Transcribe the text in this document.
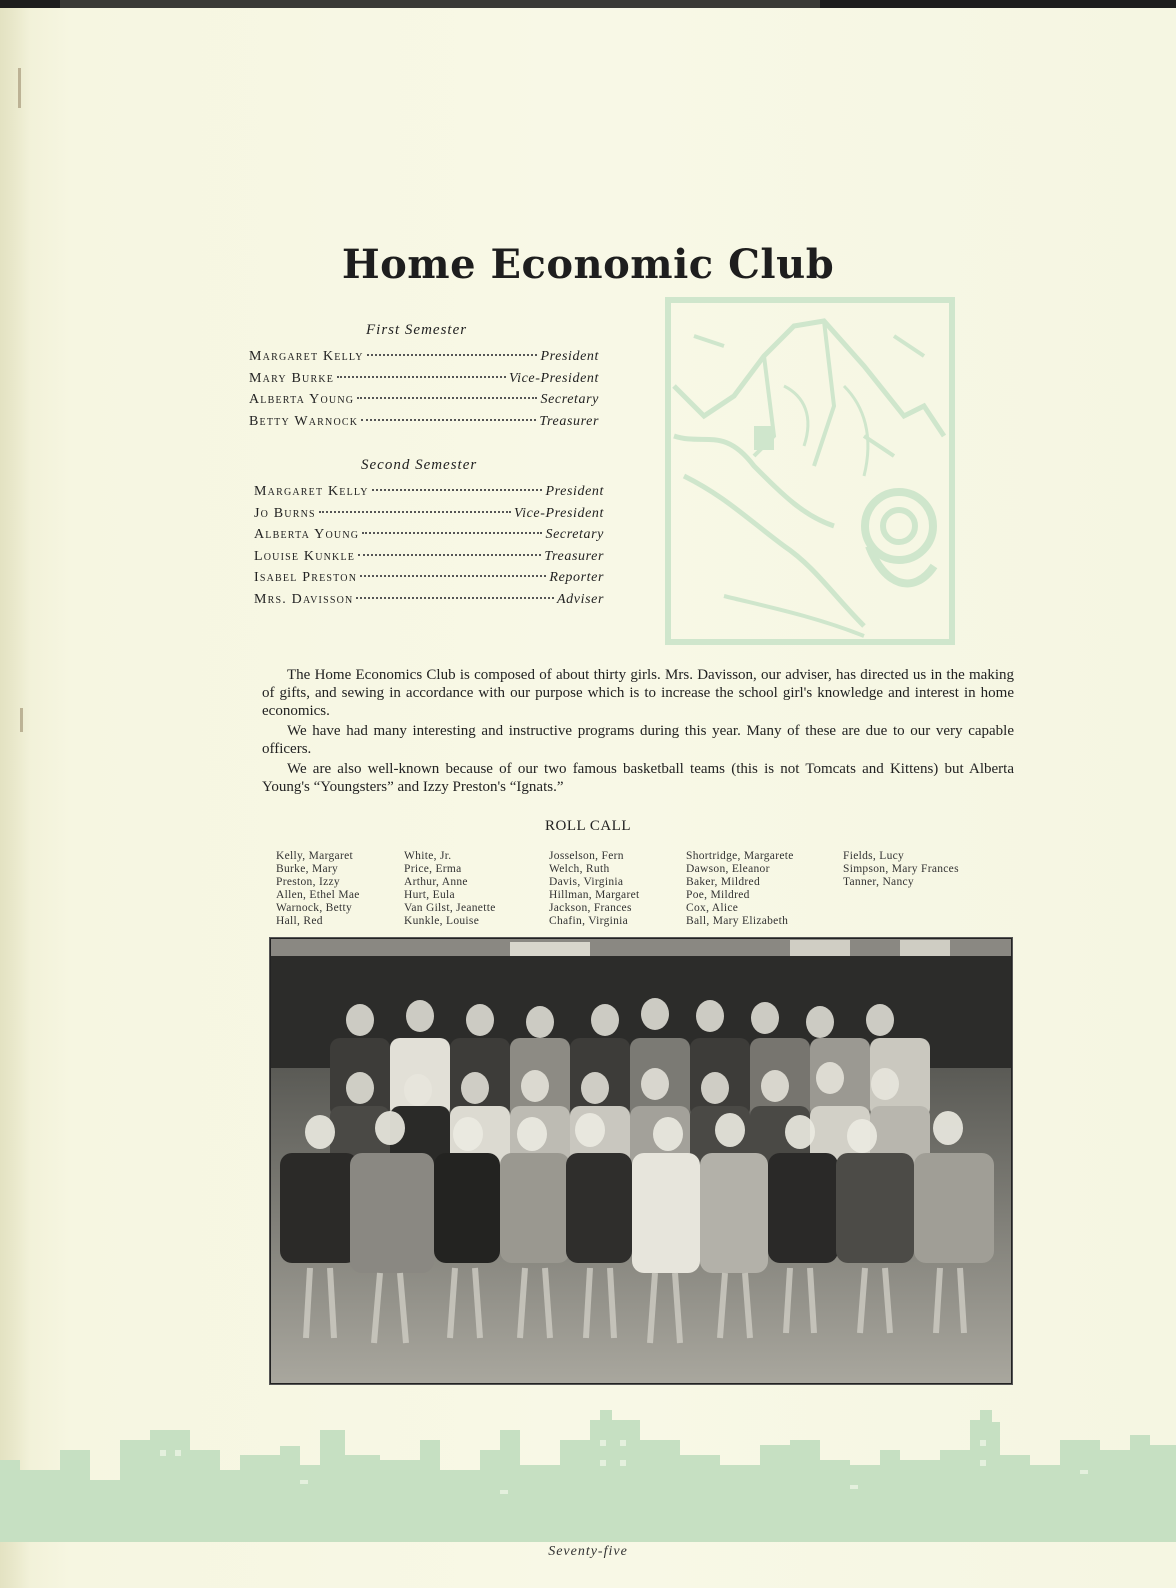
Home Economic Club
First Semester
Margaret Kelly	President
Mary Burke	Vice-President
Alberta Young	Secretary
Betty Warnock	Treasurer
Second Semester
Margaret Kelly	President
Jo Burns	Vice-President
Alberta Young	Secretary
Louise Kunkle	Treasurer
Isabel Preston	Reporter
Mrs. Davisson	Adviser

The Home Economics Club is composed of about thirty girls. Mrs. Davisson, our adviser, has directed us in the making of gifts, and sewing in accordance with our purpose which is to increase the school girl's knowledge and interest in home economics.

We have had many interesting and instructive programs during this year. Many of these are due to our very capable officers.

We are also well-known because of our two famous basketball teams (this is not Tomcats and Kittens) but Alberta Young's “Youngsters” and Izzy Preston's “Ignats.”

ROLL CALL
Kelly, Margaret
Burke, Mary
Preston, Izzy
Allen, Ethel Mae
Warnock, Betty
Hall, Red
White, Jr.
Price, Erma
Arthur, Anne
Hurt, Eula
Van Gilst, Jeanette
Kunkle, Louise
Josselson, Fern
Welch, Ruth
Davis, Virginia
Hillman, Margaret
Jackson, Frances
Chafin, Virginia
Shortridge, Margarete
Dawson, Eleanor
Baker, Mildred
Poe, Mildred
Cox, Alice
Ball, Mary Elizabeth
Fields, Lucy
Simpson, Mary Frances
Tanner, Nancy
Seventy-five
